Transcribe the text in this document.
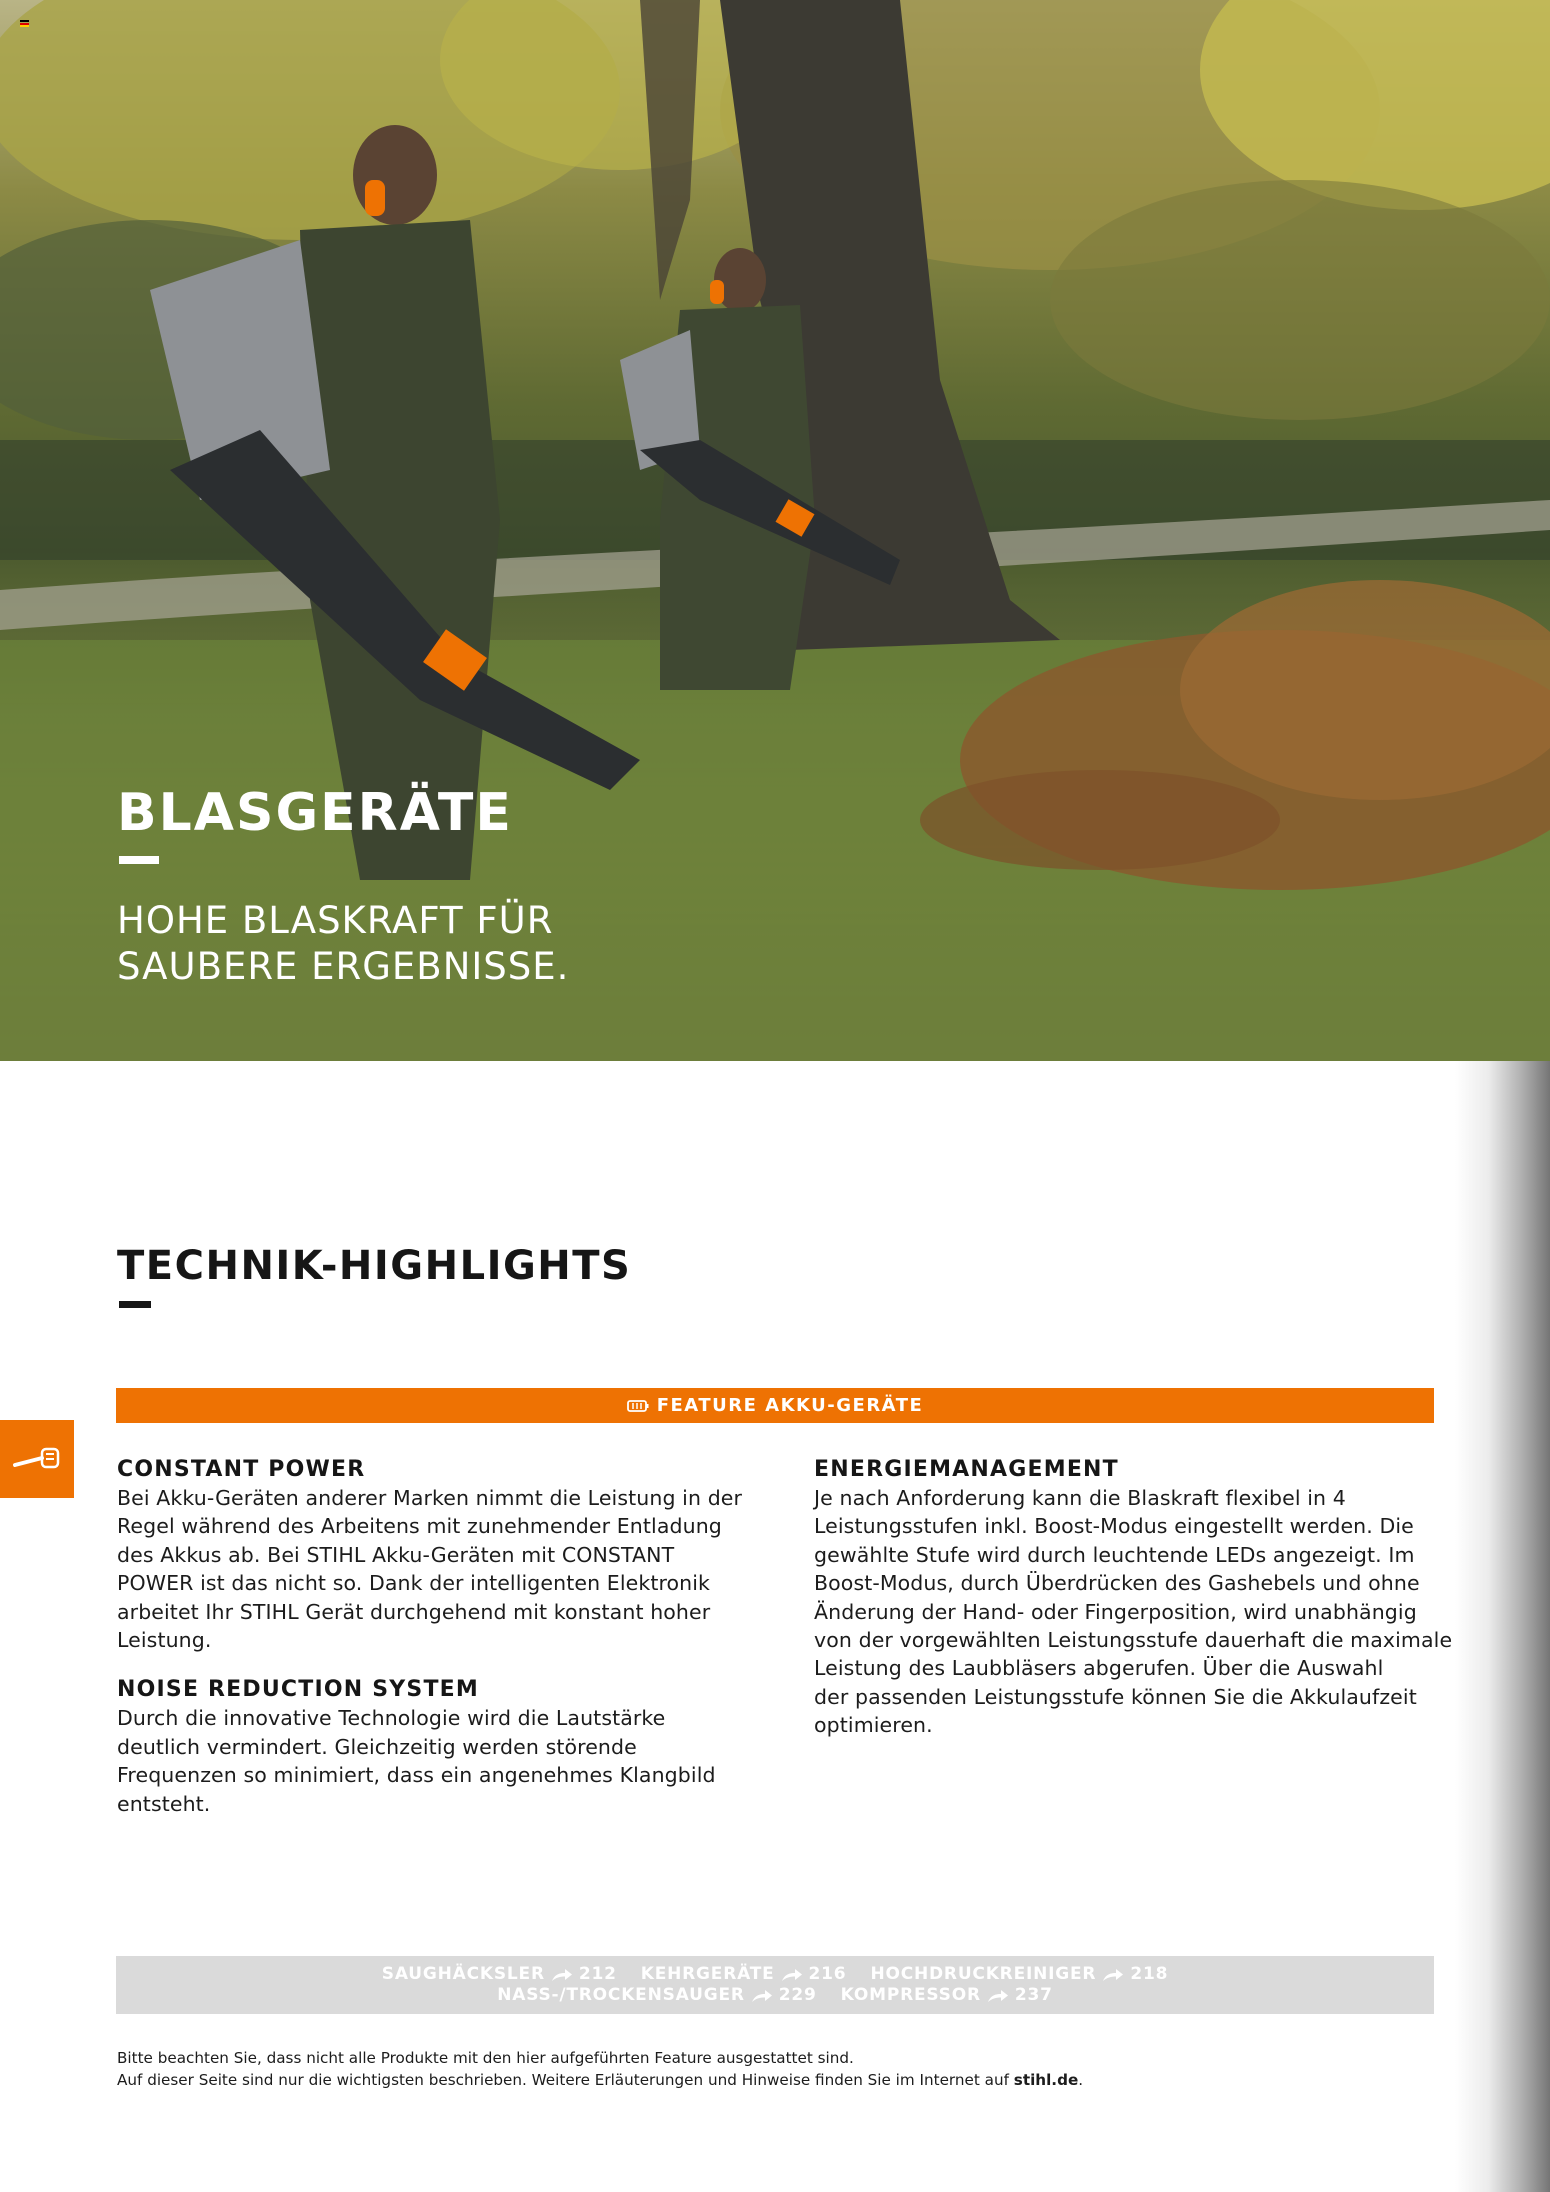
BLASGERÄTE
HOHE BLASKRAFT FÜR
SAUBERE ERGEBNISSE.
TECHNIK-HIGHLIGHTS
FEATURE AKKU-GERÄTE
CONSTANT POWER

Bei Akku-Geräten anderer Marken nimmt die Leistung in der
Regel während des Arbeitens mit zunehmender Entladung
des Akkus ab. Bei STIHL Akku-Geräten mit CONSTANT
POWER ist das nicht so. Dank der intelligenten Elektronik
arbeitet Ihr STIHL Gerät durchgehend mit konstant hoher
Leistung.

NOISE REDUCTION SYSTEM

Durch die innovative Technologie wird die Lautstärke
deutlich vermindert. Gleichzeitig werden störende
Frequenzen so minimiert, dass ein angenehmes Klangbild
entsteht.

ENERGIEMANAGEMENT

Je nach Anforderung kann die Blaskraft flexibel in 4
Leistungsstufen inkl. Boost-Modus eingestellt werden. Die
gewählte Stufe wird durch leuchtende LEDs angezeigt. Im
Boost-Modus, durch Überdrücken des Gashebels und ohne
Änderung der Hand- oder Fingerposition, wird unabhängig
von der vorgewählten Leistungsstufe dauerhaft die maximale
Leistung des Laubbläsers abgerufen. Über die Auswahl
der passenden Leistungsstufe können Sie die Akkulaufzeit
optimieren.

SAUGHÄCKSLER 212 KEHRGERÄTE 216 HOCHDRUCKREINIGER 218
NASS-/TROCKENSAUGER 229 KOMPRESSOR 237
Bitte beachten Sie, dass nicht alle Produkte mit den hier aufgeführten Feature ausgestattet sind.
Auf dieser Seite sind nur die wichtigsten beschrieben. Weitere Erläuterungen und Hinweise finden Sie im Internet auf stihl.de.
